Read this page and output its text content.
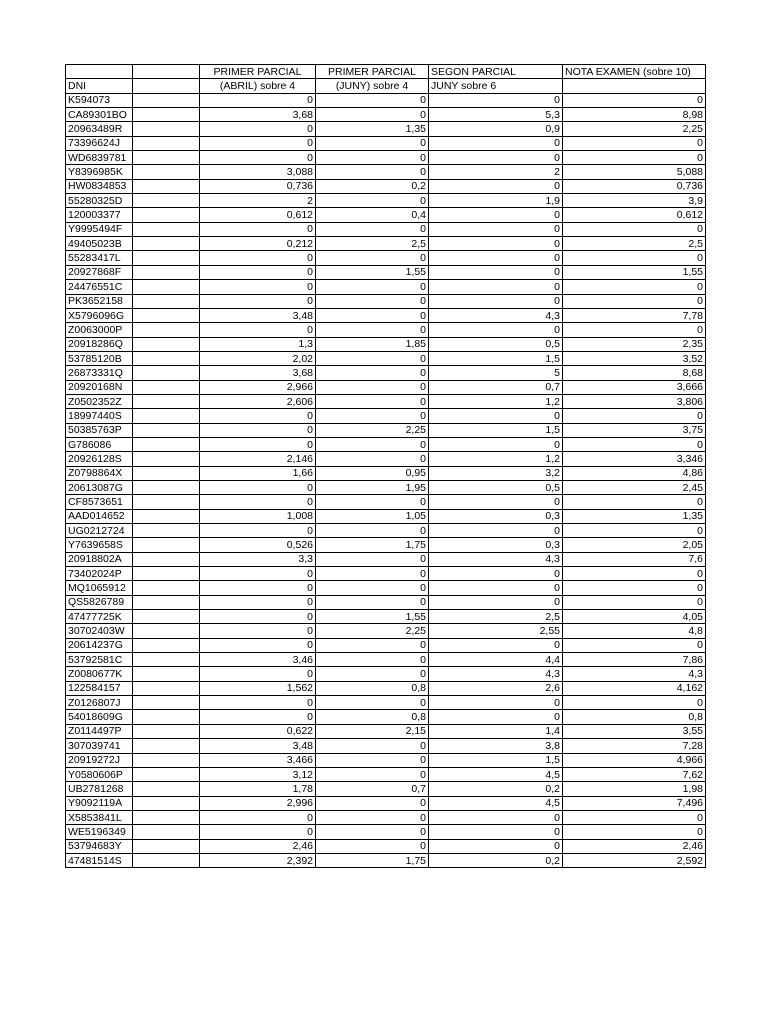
		PRIMER PARCIAL	PRIMER PARCIAL	SEGON PARCIAL	NOTA EXAMEN (sobre 10)
DNI		(ABRIL) sobre 4	(JUNY) sobre 4	JUNY sobre 6	
K594073		0	0	0	0
CA89301BO		3,68	0	5,3	8,98
20963489R		0	1,35	0,9	2,25
73396624J		0	0	0	0
WD6839781		0	0	0	0
Y8396985K		3,088	0	2	5,088
HW0834853		0,736	0,2	0	0,736
55280325D		2	0	1,9	3,9
120003377		0,612	0,4	0	0,612
Y9995494F		0	0	0	0
49405023B		0,212	2,5	0	2,5
55283417L		0	0	0	0
20927868F		0	1,55	0	1,55
24476551C		0	0	0	0
PK3652158		0	0	0	0
X5796096G		3,48	0	4,3	7,78
Z0063000P		0	0	0	0
20918286Q		1,3	1,85	0,5	2,35
53785120B		2,02	0	1,5	3,52
26873331Q		3,68	0	5	8,68
20920168N		2,966	0	0,7	3,666
Z0502352Z		2,606	0	1,2	3,806
18997440S		0	0	0	0
50385763P		0	2,25	1,5	3,75
G786086		0	0	0	0
20926128S		2,146	0	1,2	3,346
Z0798864X		1,66	0,95	3,2	4,86
20613087G		0	1,95	0,5	2,45
CF8573651		0	0	0	0
AAD014652		1,008	1,05	0,3	1,35
UG0212724		0	0	0	0
Y7639658S		0,526	1,75	0,3	2,05
20918802A		3,3	0	4,3	7,6
73402024P		0	0	0	0
MQ1065912		0	0	0	0
QS5826789		0	0	0	0
47477725K		0	1,55	2,5	4,05
30702403W		0	2,25	2,55	4,8
20614237G		0	0	0	0
53792581C		3,46	0	4,4	7,86
Z0080677K		0	0	4,3	4,3
122584157		1,562	0,8	2,6	4,162
Z0126807J		0	0	0	0
54018609G		0	0,8	0	0,8
Z0114497P		0,622	2,15	1,4	3,55
307039741		3,48	0	3,8	7,28
20919272J		3,466	0	1,5	4,966
Y0580606P		3,12	0	4,5	7,62
UB2781268		1,78	0,7	0,2	1,98
Y9092119A		2,996	0	4,5	7,496
X5853841L		0	0	0	0
WE5196349		0	0	0	0
53794683Y		2,46	0	0	2,46
47481514S		2,392	1,75	0,2	2,592
